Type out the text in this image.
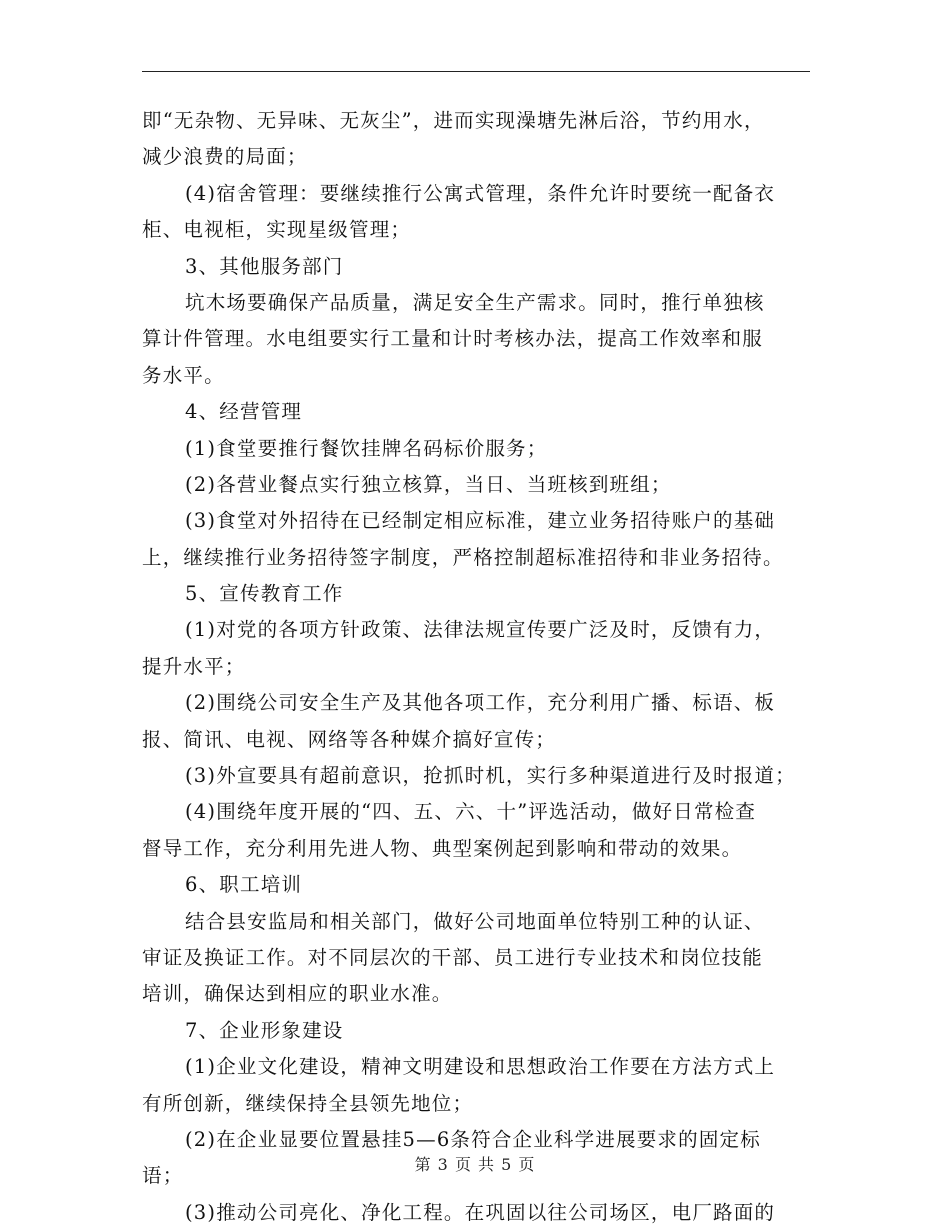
即“无杂物、无异味、无灰尘”，进而实现澡塘先淋后浴，节约用水，
减少浪费的局面；
(4)宿舍管理：要继续推行公寓式管理，条件允许时要统一配备衣
柜、电视柜，实现星级管理；
3、其他服务部门
坑木场要确保产品质量，满足安全生产需求。同时，推行单独核
算计件管理。水电组要实行工量和计时考核办法，提高工作效率和服
务水平。
4、经营管理
(1)食堂要推行餐饮挂牌名码标价服务；
(2)各营业餐点实行独立核算，当日、当班核到班组；
(3)食堂对外招待在已经制定相应标准，建立业务招待账户的基础
上，继续推行业务招待签字制度，严格控制超标准招待和非业务招待。
5、宣传教育工作
(1)对党的各项方针政策、法律法规宣传要广泛及时，反馈有力，
提升水平；
(2)围绕公司安全生产及其他各项工作，充分利用广播、标语、板
报、简讯、电视、网络等各种媒介搞好宣传；
(3)外宣要具有超前意识，抢抓时机，实行多种渠道进行及时报道；
(4)围绕年度开展的“四、五、六、十”评选活动，做好日常检查
督导工作，充分利用先进人物、典型案例起到影响和带动的效果。
6、职工培训
结合县安监局和相关部门，做好公司地面单位特别工种的认证、
审证及换证工作。对不同层次的干部、员工进行专业技术和岗位技能
培训，确保达到相应的职业水准。
7、企业形象建设
(1)企业文化建设，精神文明建设和思想政治工作要在方法方式上
有所创新，继续保持全县领先地位；
(2)在企业显要位置悬挂5—6条符合企业科学进展要求的固定标
语；
(3)推动公司亮化、净化工程。在巩固以往公司场区，电厂路面的
第 3 页 共 5 页
